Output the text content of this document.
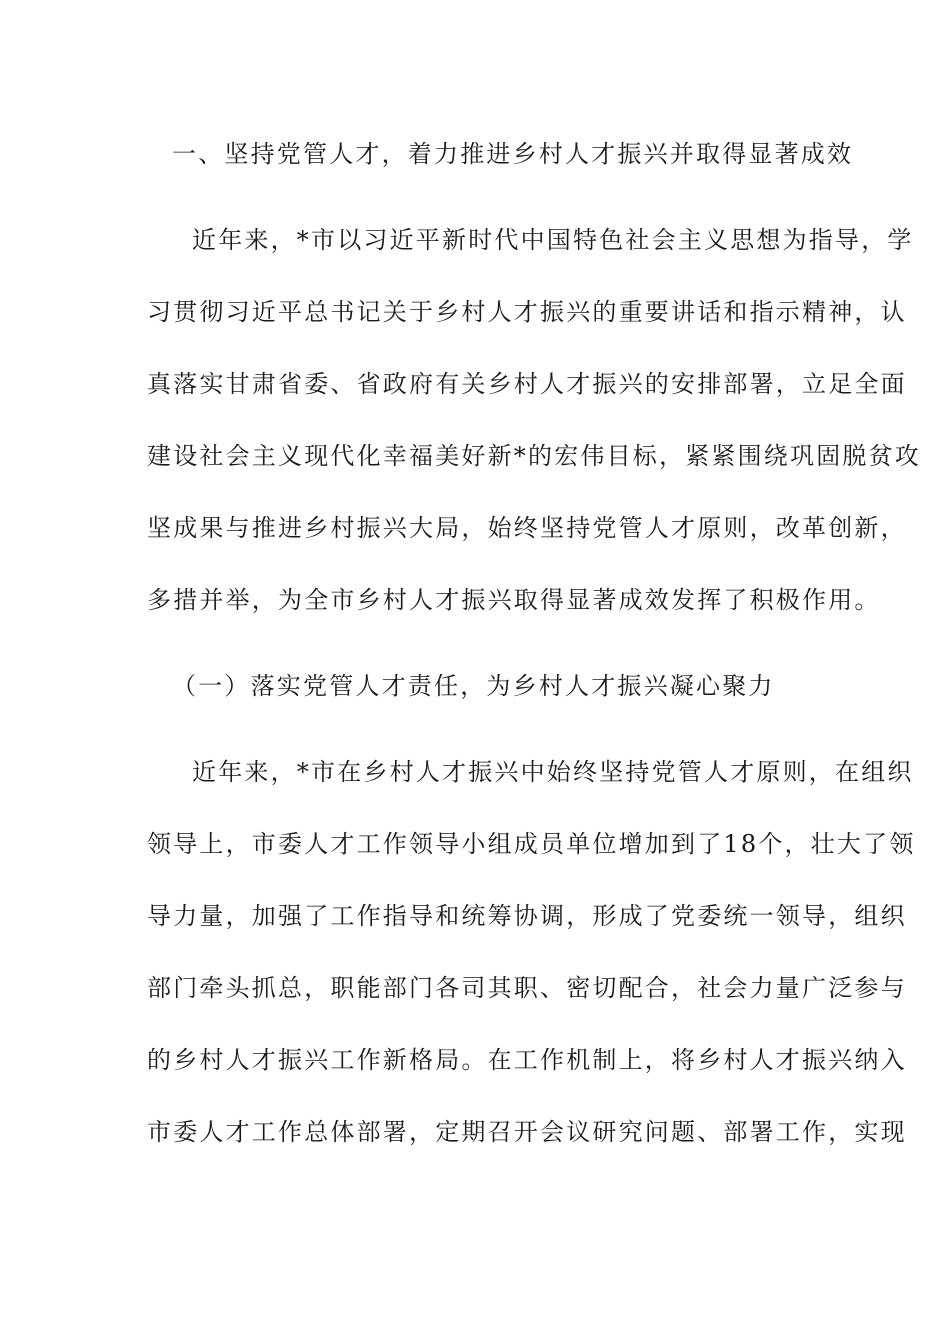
一、坚持党管人才，着力推进乡村人才振兴并取得显著成效
近年来，*市以习近平新时代中国特色社会主义思想为指导，学
习贯彻习近平总书记关于乡村人才振兴的重要讲话和指示精神，认
真落实甘肃省委、省政府有关乡村人才振兴的安排部署，立足全面
建设社会主义现代化幸福美好新*的宏伟目标，紧紧围绕巩固脱贫攻
坚成果与推进乡村振兴大局，始终坚持党管人才原则，改革创新，
多措并举，为全市乡村人才振兴取得显著成效发挥了积极作用。
（一）落实党管人才责任，为乡村人才振兴凝心聚力
近年来，*市在乡村人才振兴中始终坚持党管人才原则，在组织
领导上，市委人才工作领导小组成员单位增加到了18个，壮大了领
导力量，加强了工作指导和统筹协调，形成了党委统一领导，组织
部门牵头抓总，职能部门各司其职、密切配合，社会力量广泛参与
的乡村人才振兴工作新格局。在工作机制上，将乡村人才振兴纳入
市委人才工作总体部署，定期召开会议研究问题、部署工作，实现
